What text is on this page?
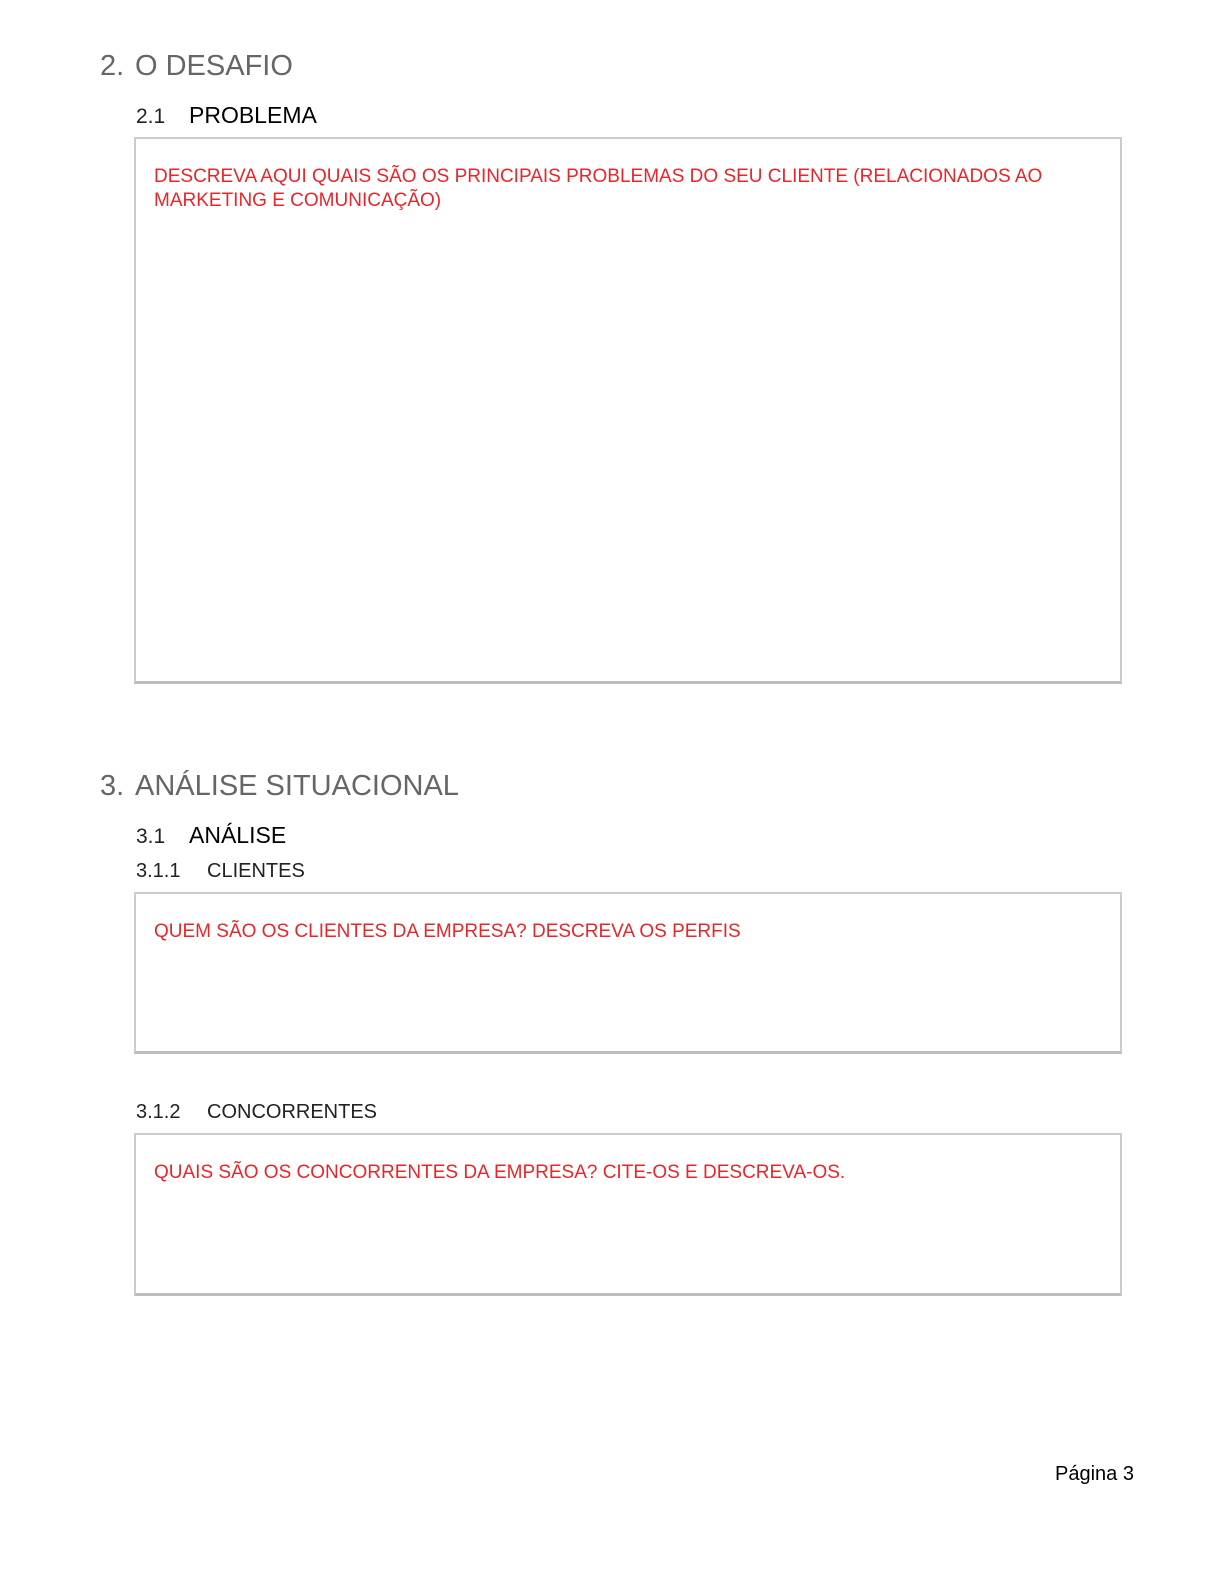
2. O DESAFIO
2.1 PROBLEMA

DESCREVA AQUI QUAIS SÃO OS PRINCIPAIS PROBLEMAS DO SEU CLIENTE (RELACIONADOS AO MARKETING E COMUNICAÇÃO)

3. ANÁLISE SITUACIONAL
3.1 ANÁLISE
3.1.1 CLIENTES

QUEM SÃO OS CLIENTES DA EMPRESA? DESCREVA OS PERFIS

3.1.2 CONCORRENTES

QUAIS SÃO OS CONCORRENTES DA EMPRESA? CITE-OS E DESCREVA-OS.

Página 3
